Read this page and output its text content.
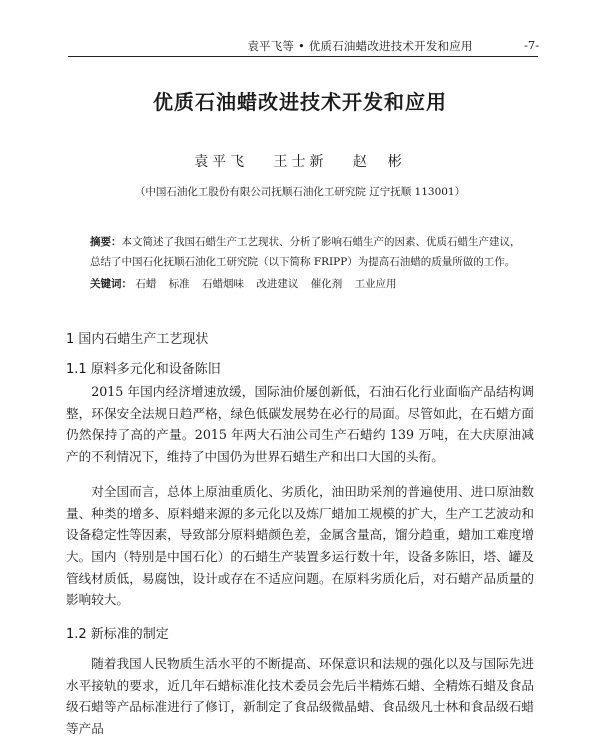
袁平飞等 • 优质石油蜡改进技术开发和应用	-7-
优质石油蜡改进技术开发和应用
袁平飞   王士新   赵  彬
（中国石油化工股份有限公司抚顺石油化工研究院 辽宁抚顺 113001）
摘要：本文简述了我国石蜡生产工艺现状、分析了影响石蜡生产的因素、优质石蜡生产建议，总结了中国石化抚顺石油化工研究院（以下简称 FRIPP）为提高石油蜡的质量所做的工作。
关键词： 石蜡 标准 石蜡烟味 改进建议 催化剂 工业应用
1 国内石蜡生产工艺现状
1.1 原料多元化和设备陈旧
2015 年国内经济增速放缓，国际油价屡创新低，石油石化行业面临产品结构调整，环保安全法规日趋严格，绿色低碳发展势在必行的局面。尽管如此，在石蜡方面仍然保持了高的产量。2015 年两大石油公司生产石蜡约 139 万吨，在大庆原油减产的不利情况下，维持了中国仍为世界石蜡生产和出口大国的头衔。
对全国而言，总体上原油重质化、劣质化，油田助采剂的普遍使用、进口原油数量、种类的增多、原料蜡来源的多元化以及炼厂蜡加工规模的扩大，生产工艺波动和设备稳定性等因素，导致部分原料蜡颜色差，金属含量高，馏分趋重，蜡加工难度增大。 国内（特别是中国石化）的石蜡生产装置多运行数十年，设备多陈旧，塔、罐及管线材质低，易腐蚀，设计或存在不适应问题。在原料劣质化后，对石蜡产品质量的影响较大。
1.2 新标准的制定
随着我国人民物质生活水平的不断提高、环保意识和法规的强化以及与国际先进水平接轨的要求，近几年石蜡标准化技术委员会先后半精炼石蜡、全精炼石蜡及食品级石蜡等产品标准进行了修订，新制定了食品级微晶蜡、食品级凡士林和食品级石蜡等产品
